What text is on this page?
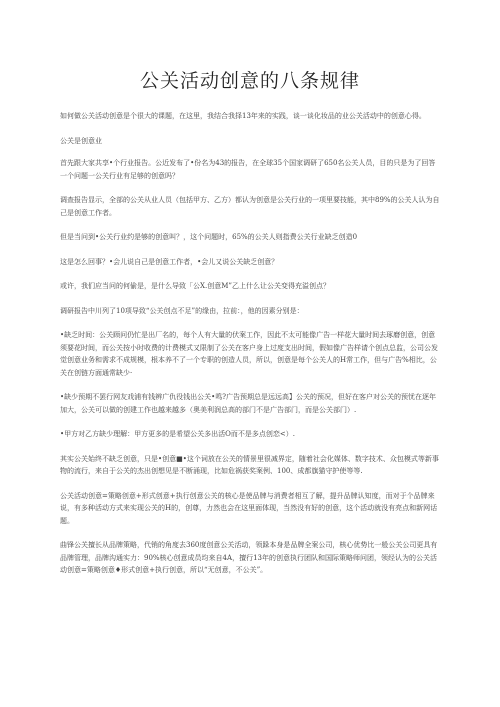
公关活动创意的八条规律

如何做公关活动创意是个很大的课题，在这里，我结合我择13年来的实践，谈一谈化妆品的业公关活动中的创意心得。

公关是创意业

首先跟大家共享•个行业报告。公近发布了•份名为43的报告，在全球35个国家调研了650名公关人员，目的只是为了回答一个问题一公关行业有足够的创意吗？

调查报告显示，全部的公关从业人员（包括甲方、乙方）都认为创意是公关行业的一项里要技能，其中89%的公关人认为自己是创意工作者。

但是当问到•公关行业约是够的创意叫？，这个问题时，65%的公关人则指费公关行业缺乏创造0

这是怎么回事？•会儿说自己是创意工作者，•会儿又说公关缺乏创意？

或许，我们应当问的何偷是，是什么导致「公X.创意M”乙上什么让公关变得充溢创点？

调研报告中川列了10项导致“公关创点不足”的缘由，拉前：，他的因素分别是：

•缺乏时间：公关顾问仍忙是出厂名的，每个人有大量的伏案工作，因此不太可能像广告一样花大量时间去琢磨创意，创意须要花时间，而公关按小时收费的计费模式又限制了公关在客户身上过度支出时间，假如像广告样请个创点总监，公司公发觉创意业务和需求不成规模，根本养不了一个专职的创造人员，所以，创意是每个公关人的H常工作，但与广告%相比，公关在创链方面通常缺少·

•缺少预期不罢行网友戏浦有钱辨广仇役钱出公关•鸣?广告预期总是远远高】公关的预况，但好在客户对公关的预忧在逐年加大，公关可以做的创建工作也越来越多（奥美利润总高的部门不是广告部门，而是公关部门）.

•甲方对乙方缺少理解：甲方更多的是希望公关多出活O而不是多点创恋<）.

其实公关始终不缺乏创意，只是•创意■•这个词放在公关的情景里很减界定，随着社会化媒体、数字技术、众包模式等新事物的流行，来自于公关的杰出创想见是不断涌现，比如危祸获奖案例、100、成都旗猫守护使等等.

公关活动创意=策略创意+形式创意+执行创意公关的核心是使品牌与消费者相互了解，提升品牌认知度，而对于个品牌来说，有多种活动方式来实现公关的H的，创尊，力然也会在这里面体现，当然没有好的创意，这个活动就没有亮点和新网话题。

曲锋公关擅长从品牌策略，代销的角度去360度创意公关活动，领跺本身是品牌全案公司，核心优势比一般公关公司更具有品牌管理，品牌沟通实力：90%核心创意成员均来自4A，擅行13年的创意执行团队和国际策略师问团，领经认为的公关活动创意=策略创意♦形式创意+执行创意，所以“无创意，不公关”。
